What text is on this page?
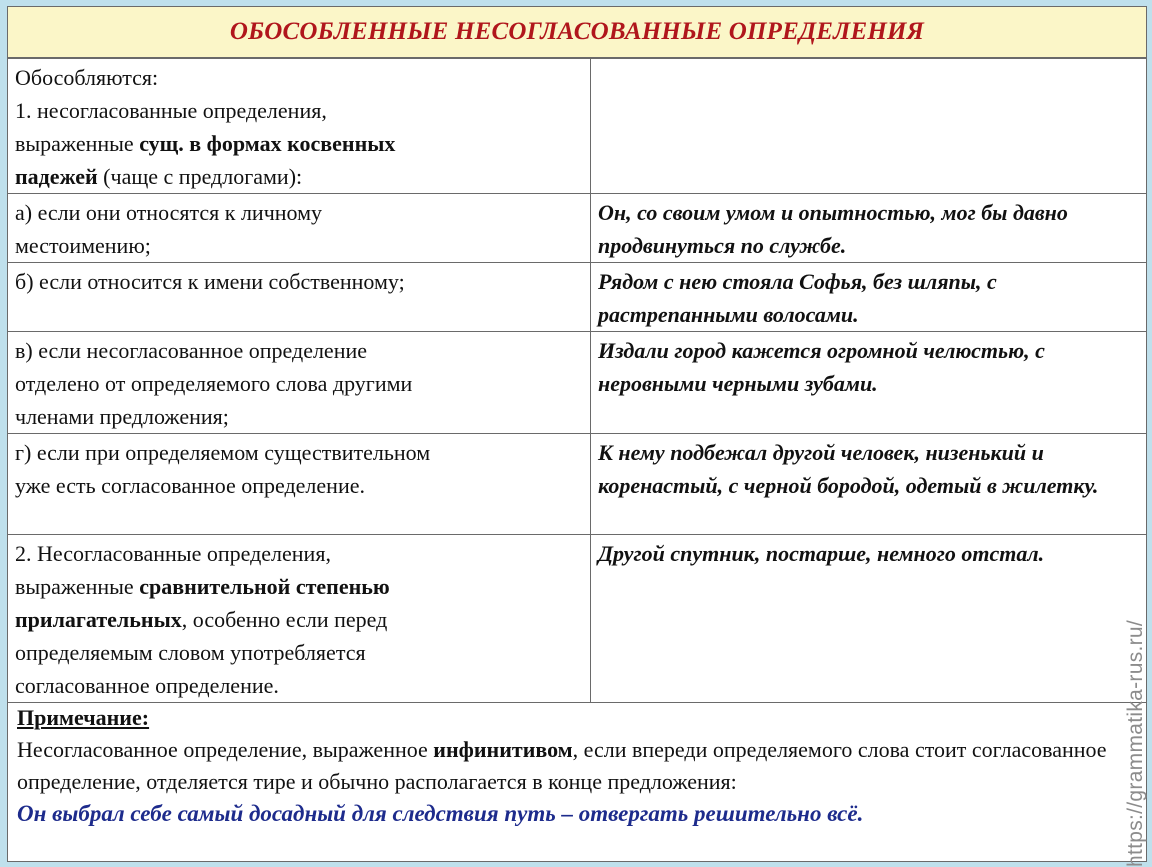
ОБОСОБЛЕННЫЕ НЕСОГЛАСОВАННЫЕ ОПРЕДЕЛЕНИЯ
Обособляются:
1. несогласованные определения,
выраженные сущ. в формах косвенных
падежей (чаще с предлогами):	
а) если они относятся к личному
местоимению;	Он, со своим умом и опытностью, мог бы давно продвинуться по службе.
б) если относится к имени собственному;	Рядом с нею стояла Софья, без шляпы, с растрепанными волосами.
в) если несогласованное определение
отделено от определяемого слова другими
членами предложения;	Издали город кажется огромной челюстью, с неровными черными зубами.
г) если при определяемом существительном
уже есть согласованное определение.	К нему подбежал другой человек, низенький и коренастый, с черной бородой, одетый в жилетку.
2. Несогласованные определения,
выраженные сравнительной степенью
прилагательных, особенно если перед
определяемым словом употребляется
согласованное определение.	Другой спутник, постарше, немного отстал.
Примечание:
Несогласованное определение, выраженное инфинитивом, если впереди определяемого слова стоит согласованное определение, отделяется тире и обычно располагается в конце предложения:
Он выбрал себе самый досадный для следствия путь – отвергать решительно всё.	https://grammatika-rus.ru/
